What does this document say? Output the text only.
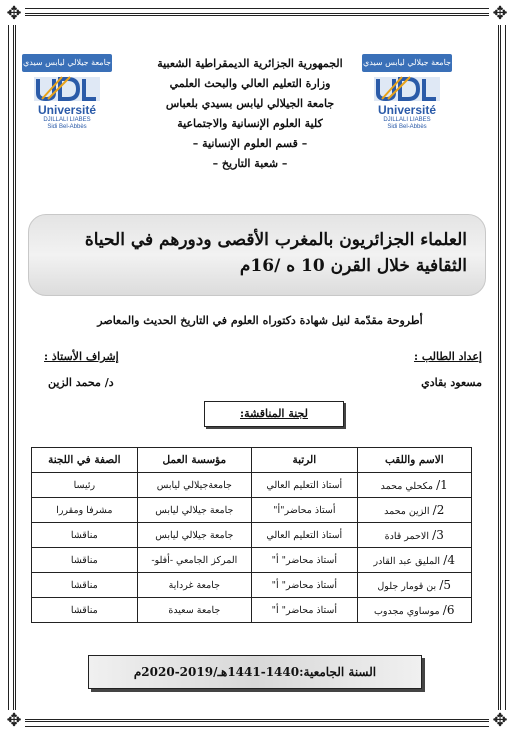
✥	✥
✥	✥
جامعة جيلالي ليابس سيدي
Université
DJILLALI LIABES
Sidi Bel-Abbès
جامعة جيلالي ليابس سيدي
Université
DJILLALI LIABES
Sidi Bel-Abbès
الجمهورية الجزائرية الديمقراطية الشعبية
وزارة التعليم العالي والبحث العلمي
جامعة الجيلالي ليابس بسيدي بلعباس
كلية العلوم الإنسانية والاجتماعية
– قسم العلوم الإنسانية –
– شعبة التاريخ –
العلماء الجزائريون بالمغرب الأقصى ودورهم في الحياة الثقافية خلال القرن 10 ه /16م
أطروحة مقدّمة لنيل شهادة دكتوراه العلوم في التاريخ الحديث والمعاصر
إعداد الطالب :
مسعود بقادي
إشراف الأستاذ :
د/ محمد الزين
لجنة المناقشة:
الاسم واللقب	الرتبة	مؤسسة العمل	الصفة في اللجنة
1/ مكحلي محمد	أستاذ التعليم العالي	جامعةجيلالي ليابس	رئيسا
2/ الزين محمد	أستاذ محاضر"أ"	جامعة جيلالي ليابس	مشرفا ومقررا
3/ الاحمر قادة	أستاذ التعليم العالي	جامعة جيلالي ليابس	مناقشا
4/ المليق عبد القادر	أستاذ محاضر" أ"	المركز الجامعي -أفلو-	مناقشا
5/ بن قومار جلول	أستاذ محاضر" أ"	جامعة غرداية	مناقشا
6/ موساوي مجدوب	أستاذ محاضر" أ"	جامعة سعيدة	مناقشا
السنة الجامعية:1440-1441هـ/2019-2020م
